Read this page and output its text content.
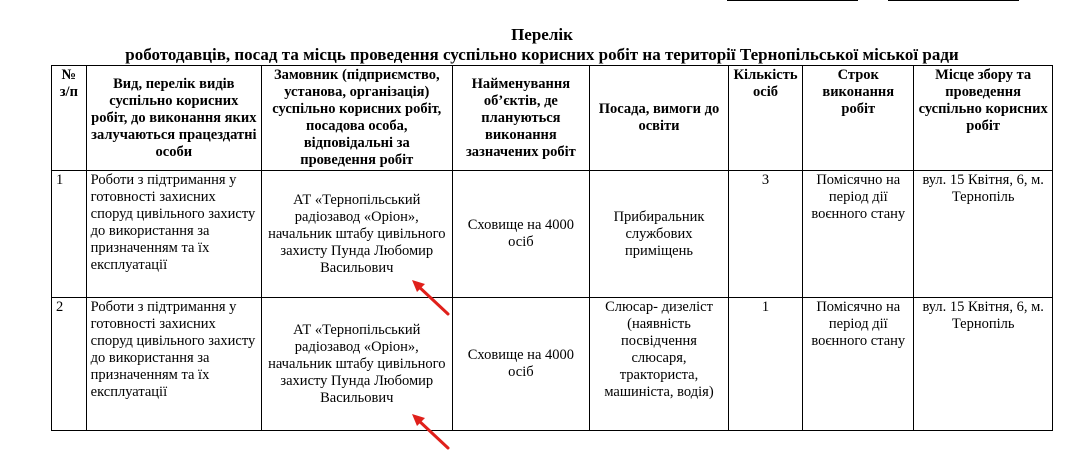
Перелік
роботодавців, посад та місць проведення суспільно корисних робіт на території Тернопільської міської ради
№ з/п	Вид, перелік видів суспільно корисних робіт, до виконання яких залучаються працездатні особи	Замовник (підприємство, установа, організація) суспільно корисних робіт, посадова особа, відповідальні за проведення робіт	Найменування об’єктів, де плануються виконання зазначених робіт	Посада, вимоги до освіти	Кількість осіб	Строк виконання робіт	Місце збору та проведення суспільно корисних робіт
1	Роботи з підтримання у готовності захисних споруд цивільного захисту до використання за призначенням та їх експлуатації	АТ «Тернопільський радіозавод «Оріон», начальник штабу цивільного захисту Пунда Любомир Васильович	Сховище на 4000 осіб	Прибиральник службових приміщень	3	Помісячно на період дії воєнного стану	вул. 15 Квітня, 6, м. Тернопіль
2	Роботи з підтримання у готовності захисних споруд цивільного захисту до використання за призначенням та їх експлуатації	АТ «Тернопільський радіозавод «Оріон», начальник штабу цивільного захисту Пунда Любомир Васильович	Сховище на 4000 осіб	Слюсар- дизеліст (наявність посвідчення слюсаря, тракториста, машиніста, водія)	1	Помісячно на період дії воєнного стану	вул. 15 Квітня, 6, м. Тернопіль
